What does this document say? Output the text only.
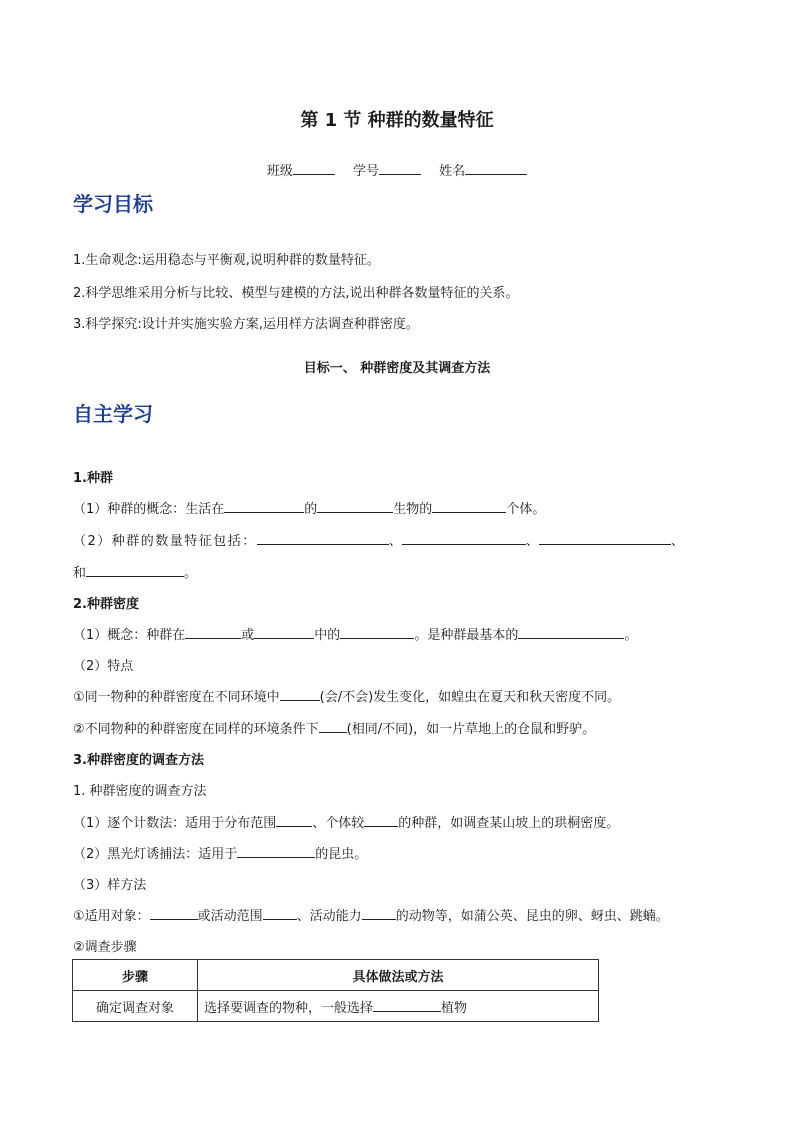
第 1 节 种群的数量特征
班级	学号	姓名
学习目标
1.生命观念:运用稳态与平衡观,说明种群的数量特征。
2.科学思维采用分析与比较、模型与建模的方法,说出种群各数量特征的关系。
3.科学探究:设计并实施实验方案,运用样方法调查种群密度。
目标一、 种群密度及其调查方法
自主学习
1.种群
（1）种群的概念：生活在	的	生物的	个体。
（2）种群的数量特征包括：	、	、	、
和	。
2.种群密度
（1）概念：种群在	或	中的	。是种群最基本的	。
（2）特点
①同一物种的种群密度在不同环境中	(会/不会)发生变化，如蝗虫在夏天和秋天密度不同。
②不同物种的种群密度在同样的环境条件下 (相同/不同)，如一片草地上的仓鼠和野驴。
3.种群密度的调查方法
1. 种群密度的调查方法
（1）逐个计数法：适用于分布范围	、个体较	的种群，如调查某山坡上的珙桐密度。
（2）黑光灯诱捕法：适用于	的昆虫。
（3）样方法
①适用对象：	或活动范围	、活动能力	的动物等，如蒲公英、昆虫的卵、蚜虫、跳蝻。
②调查步骤
步骤	具体做法或方法
确定调查对象	选择要调查的物种，一般选择 植物
